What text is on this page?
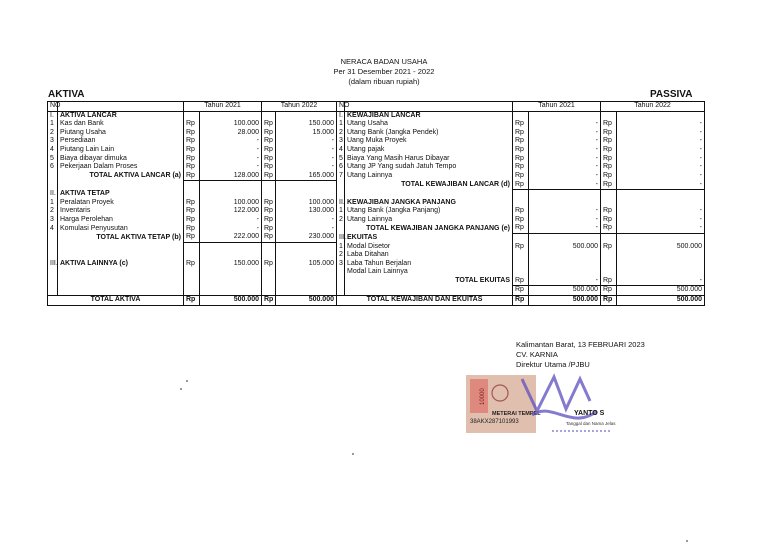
NERACA BADAN USAHA
Per 31 Desember 2021 - 2022
(dalam ribuan rupiah)
AKTIVA	PASSIVA
NO		Tahun 2021		Tahun 2022		NO		Tahun 2021		Tahun 2022	
I.	AKTIVA LANCAR					I.	KEWAJIBAN LANCAR				
1	Kas dan Bank	Rp	100.000	Rp	150.000	1	Utang Usaha	Rp	-	Rp	-
2	Piutang Usaha	Rp	28.000	Rp	15.000	2	Utang Bank (Jangka Pendek)	Rp	-	Rp	-
3	Persediaan	Rp	-	Rp	-	3	Uang Muka Proyek	Rp	-	Rp	-
4	Piutang Lain Lain	Rp	-	Rp	-	4	Utang pajak	Rp	-	Rp	-
5	Biaya dibayar dimuka	Rp	-	Rp	-	5	Biaya Yang Masih Harus Dibayar	Rp	-	Rp	-
6	Pekerjaan Dalam Proses	Rp	-	Rp	-	6	Utang JP Yang sudah Jatuh Tempo	Rp	-	Rp	-
	TOTAL AKTIVA LANCAR (a)	Rp	128.000	Rp	165.000	7	Utang Lainnya	Rp	-	Rp	-
							TOTAL KEWAJIBAN LANCAR (d)	Rp	-	Rp	-
II.	AKTIVA TETAP										
1	Peralatan Proyek	Rp	100.000	Rp	100.000	II.	KEWAJIBAN JANGKA PANJANG				
2	Inventaris	Rp	122.000	Rp	130.000	1	Utang Bank (Jangka Panjang)	Rp	-	Rp	-
3	Harga Perolehan	Rp	-	Rp	-	2	Utang Lainnya	Rp	-	Rp	-
4	Komulasi Penyusutan	Rp	-	Rp	-		TOTAL KEWAJIBAN JANGKA PANJANG (e)	Rp	-	Rp	-
	TOTAL AKTIVA TETAP (b)	Rp	222.000	Rp	230.000	III.	EKUITAS				
						1	Modal Disetor	Rp	500.000	Rp	500.000
						2	Laba Ditahan				
III.	AKTIVA LAINNYA (c)	Rp	150.000	Rp	105.000	3	Laba Tahun Berjalan				
							Modal Lain Lainnya				
							TOTAL EKUITAS	Rp	-	Rp	-
								Rp	500.000	Rp	500.000
TOTAL AKTIVA		Rp	500.000	Rp	500.000	TOTAL KEWAJIBAN DAN EKUITAS		Rp	500.000	Rp	500.000
Kalimantan Barat, 13 FEBRUARI 2023
CV. KARNIA
Direktur Utama /PJBU
METERAI TEMPEL
38AKX287101993
10000
YANTO S
Tanggal dan Nama Jelas
